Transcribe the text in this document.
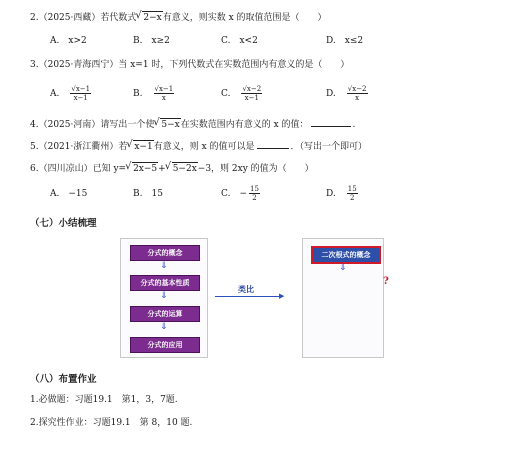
2.（2025·西藏）若代数式 √ 2−x有意义，则实数 x 的取值范围是（　　）
A.　 x>2	B.　 x≥2	C.　 x<2	D.　 x≤2
3.（2025·青海西宁）当 x=1 时，下列代数式在实数范围内有意义的是（　　）
A.　 $\frac{√x-1}{x-1}$	B.　 $\frac{√x-1}{x}$	C.　 $\frac{√x-2}{x-1}$	D.　 $\frac{√x-2}{x}$
4.（2025·河南）请写出一个使 √ 5−x在实数范围内有意义的 x 的值：	.
5.（2021·浙江衢州）若 √ x−1有意义，则 x 的值可以是	．（写出一个即可）
6.（四川凉山）已知 y= √ 2x−5+ √ 5−2x−3，则 2xy 的值为（　　）
A.　 −15	B.　 15	C.　 − $\frac{15}{2}$	D.　 $\frac{15}{2}$
（七）小结梳理
分式的概念
⇓
分式的基本性质
⇓
分式的运算
⇓
分式的应用
类比
▶
二次根式的概念
⇓
?
（八）布置作业
1.必做题：习题19.1　第1，3，7题.
2.探究性作业：习题19.1　第 8，10 题.
